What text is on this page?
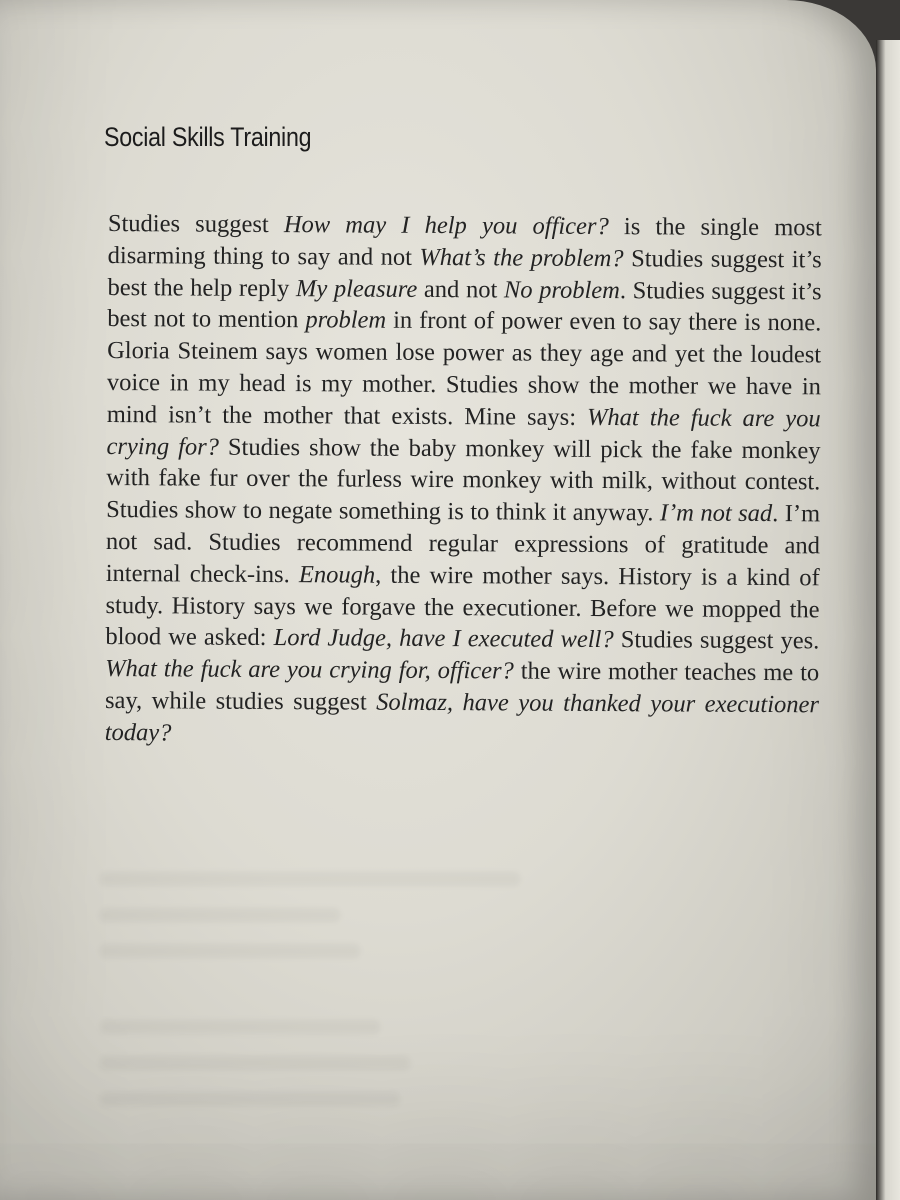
Social Skills Training

Studies suggest How may I help you officer? is the single most disarming thing to say and not What’s the problem? Studies suggest it’s best the help reply My pleasure and not No problem. Studies suggest it’s best not to mention problem in front of power even to say there is none. Gloria Steinem says women lose power as they age and yet the loudest voice in my head is my mother. Studies show the mother we have in mind isn’t the mother that exists. Mine says: What the fuck are you crying for? Studies show the baby monkey will pick the fake monkey with fake fur over the furless wire monkey with milk, without contest. Studies show to negate something is to think it anyway. I’m not sad. I’m not sad. Studies recommend regular expressions of gratitude and internal check-ins. Enough, the wire mother says. History is a kind of study. History says we forgave the executioner. Before we mopped the blood we asked: Lord Judge, have I executed well? Studies suggest yes. What the fuck are you crying for, officer? the wire mother teaches me to say, while studies suggest Solmaz, have you thanked your executioner today?
